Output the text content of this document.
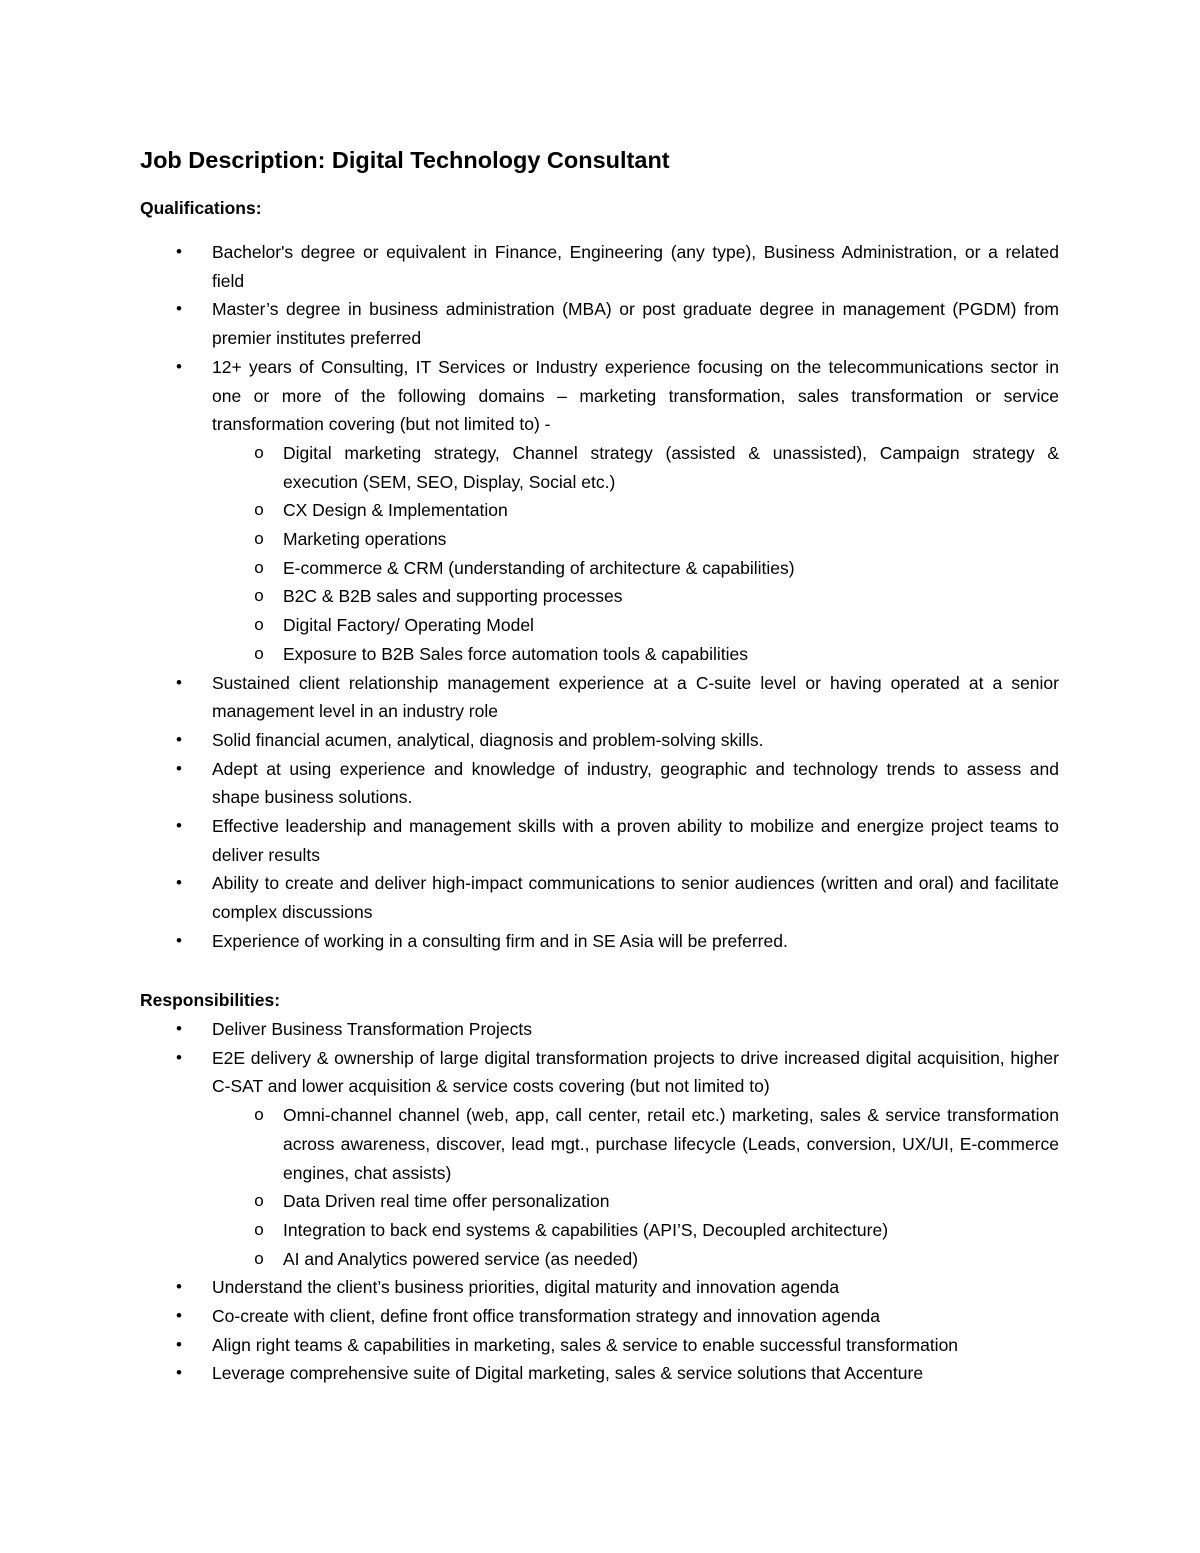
Job Description: Digital Technology Consultant
Qualifications:
• Bachelor's degree or equivalent in Finance, Engineering (any type), Business Administration, or a related field
• Master’s degree in business administration (MBA) or post graduate degree in management (PGDM) from premier institutes preferred
• 12+ years of Consulting, IT Services or Industry experience focusing on the telecommunications sector in one or more of the following domains – marketing transformation, sales transformation or service transformation covering (but not limited to) -
o Digital marketing strategy, Channel strategy (assisted & unassisted), Campaign strategy & execution (SEM, SEO, Display, Social etc.)
o CX Design & Implementation
o Marketing operations
o E-commerce & CRM (understanding of architecture & capabilities)
o B2C & B2B sales and supporting processes
o Digital Factory/ Operating Model
o Exposure to B2B Sales force automation tools & capabilities
• Sustained client relationship management experience at a C-suite level or having operated at a senior management level in an industry role
• Solid financial acumen, analytical, diagnosis and problem-solving skills.
• Adept at using experience and knowledge of industry, geographic and technology trends to assess and shape business solutions.
• Effective leadership and management skills with a proven ability to mobilize and energize project teams to deliver results
• Ability to create and deliver high-impact communications to senior audiences (written and oral) and facilitate complex discussions
• Experience of working in a consulting firm and in SE Asia will be preferred.
Responsibilities:
• Deliver Business Transformation Projects
• E2E delivery & ownership of large digital transformation projects to drive increased digital acquisition, higher C-SAT and lower acquisition & service costs covering (but not limited to)
o Omni-channel channel (web, app, call center, retail etc.) marketing, sales & service transformation across awareness, discover, lead mgt., purchase lifecycle (Leads, conversion, UX/UI, E-commerce engines, chat assists)
o Data Driven real time offer personalization
o Integration to back end systems & capabilities (API’S, Decoupled architecture)
o AI and Analytics powered service (as needed)
• Understand the client’s business priorities, digital maturity and innovation agenda
• Co-create with client, define front office transformation strategy and innovation agenda
• Align right teams & capabilities in marketing, sales & service to enable successful transformation
• Leverage comprehensive suite of Digital marketing, sales & service solutions that Accenture
